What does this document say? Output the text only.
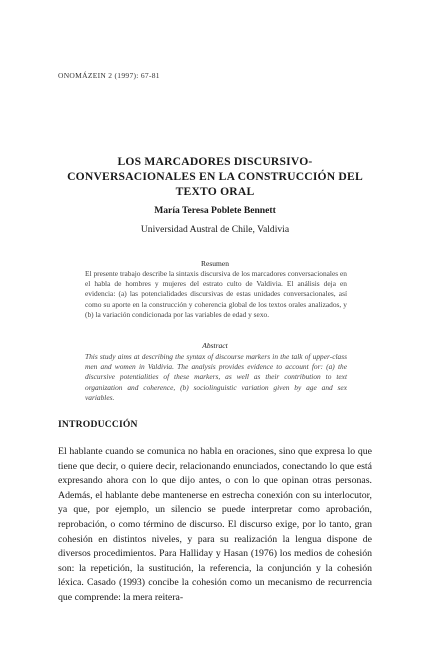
ONOMÁZEIN 2 (1997): 67-81
LOS MARCADORES DISCURSIVO-CONVERSACIONALES EN LA CONSTRUCCIÓN DEL TEXTO ORAL
María Teresa Poblete Bennett
Universidad Austral de Chile, Valdivia
Resumen
El presente trabajo describe la sintaxis discursiva de los marcadores conversacionales en el habla de hombres y mujeres del estrato culto de Valdivia. El análisis deja en evidencia: (a) las potencialidades discursivas de estas unidades conversacionales, así como su aporte en la construcción y coherencia global de los textos orales analizados, y (b) la variación condicionada por las variables de edad y sexo.
Abstract
This study aims at describing the syntax of discourse markers in the talk of upper-class men and women in Valdivia. The analysis provides evidence to account for: (a) the discursive potentialities of these markers, as well as their contribution to text organization and coherence, (b) sociolinguistic variation given by age and sex variables.
INTRODUCCIÓN
El hablante cuando se comunica no habla en oraciones, sino que expresa lo que tiene que decir, o quiere decir, relacionando enunciados, conectando lo que está expresando ahora con lo que dijo antes, o con lo que opinan otras personas. Además, el hablante debe mantenerse en estrecha conexión con su interlocutor, ya que, por ejemplo, un silencio se puede interpretar como aprobación, reprobación, o como término de discurso. El discurso exige, por lo tanto, gran cohesión en distintos niveles, y para su realización la lengua dispone de diversos procedimientos. Para Halliday y Hasan (1976) los medios de cohesión son: la repetición, la sustitución, la referencia, la conjunción y la cohesión léxica. Casado (1993) concibe la cohesión como un mecanismo de recurrencia que comprende: la mera reitera-
